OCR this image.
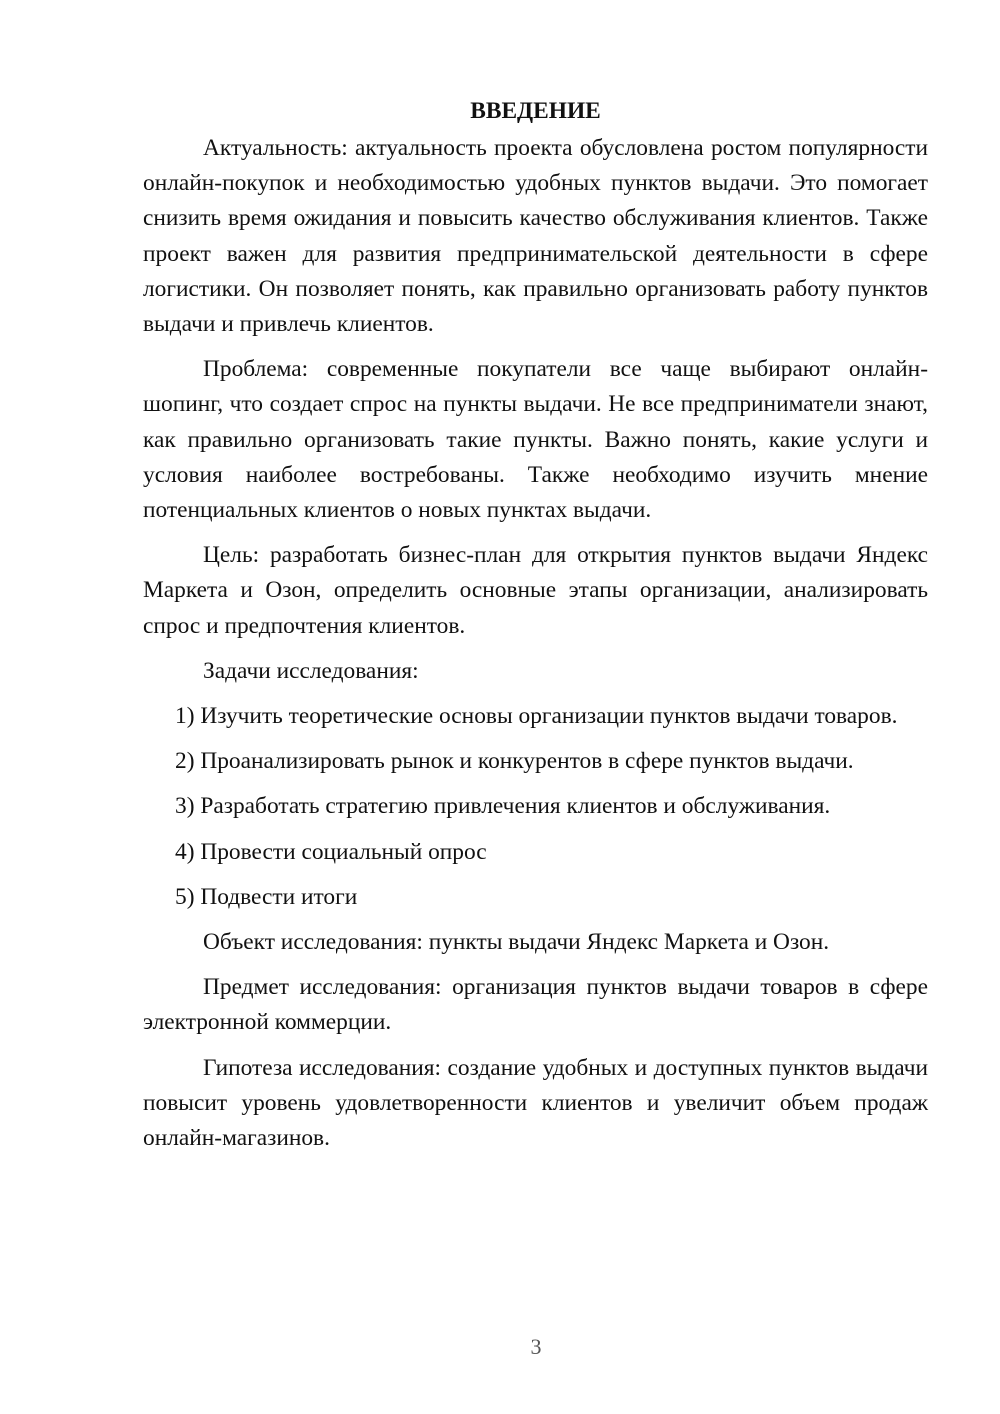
ВВЕДЕНИЕ

Актуальность: актуальность проекта обусловлена ростом популярности онлайн-покупок и необходимостью удобных пунктов выдачи. Это помогает снизить время ожидания и повысить качество обслуживания клиентов. Также проект важен для развития предпринимательской деятельности в сфере логистики. Он позволяет понять, как правильно организовать работу пунктов выдачи и привлечь клиентов.

Проблема: современные покупатели все чаще выбирают онлайн-шопинг, что создает спрос на пункты выдачи. Не все предприниматели знают, как правильно организовать такие пункты. Важно понять, какие услуги и условия наиболее востребованы. Также необходимо изучить мнение потенциальных клиентов о новых пунктах выдачи.

Цель: разработать бизнес-план для открытия пунктов выдачи Яндекс Маркета и Озон, определить основные этапы организации, анализировать спрос и предпочтения клиентов.

Задачи исследования:

1) Изучить теоретические основы организации пунктов выдачи товаров.

2) Проанализировать рынок и конкурентов в сфере пунктов выдачи.

3) Разработать стратегию привлечения клиентов и обслуживания.

4) Провести социальный опрос

5) Подвести итоги

Объект исследования: пункты выдачи Яндекс Маркета и Озон.

Предмет исследования: организация пунктов выдачи товаров в сфере электронной коммерции.

Гипотеза исследования: создание удобных и доступных пунктов выдачи повысит уровень удовлетворенности клиентов и увеличит объем продаж онлайн-магазинов.

3
